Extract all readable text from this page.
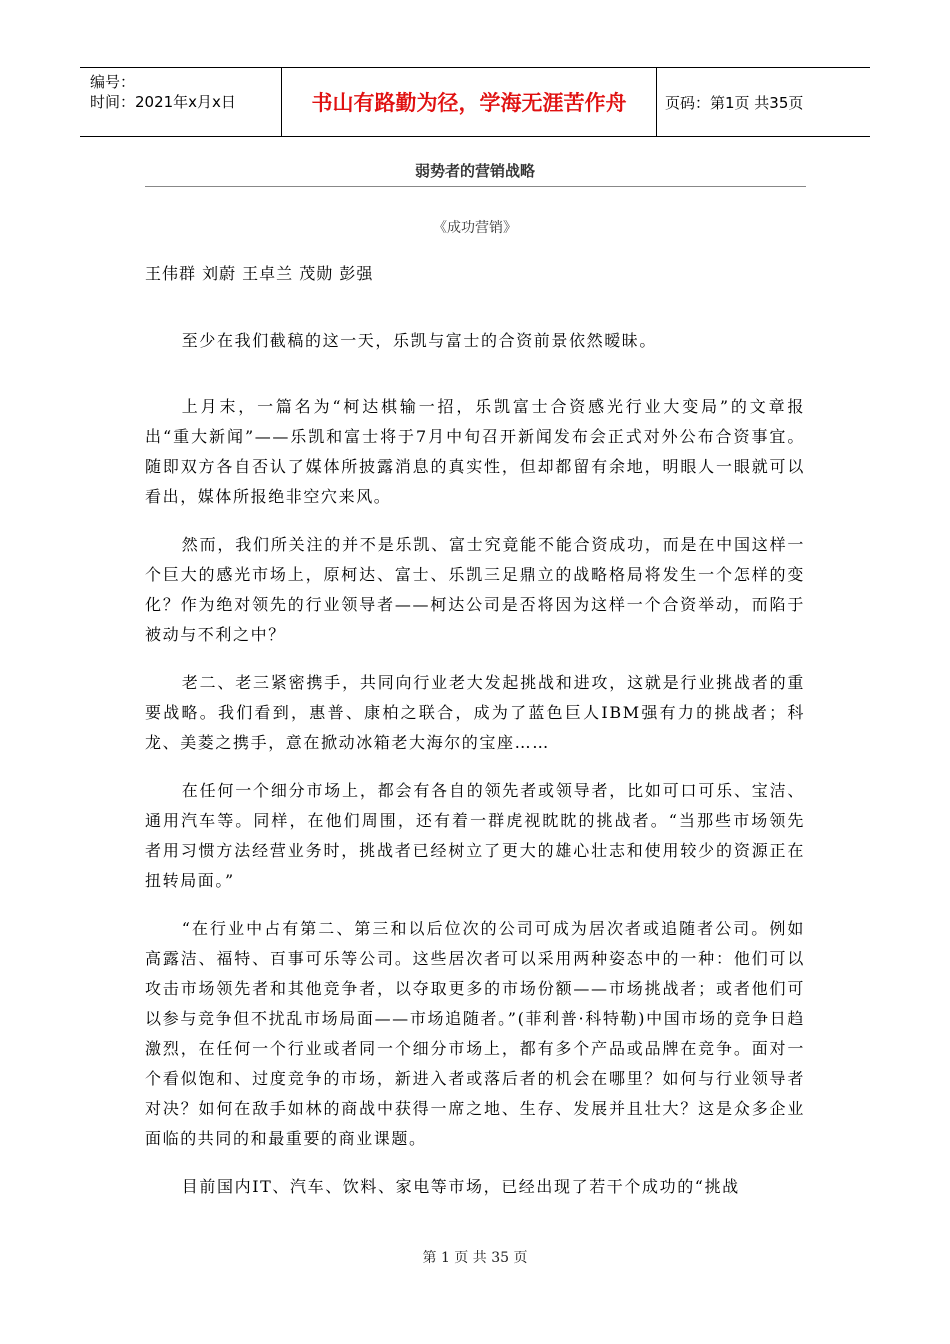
编号：
时间：2021年x月x日	书山有路勤为径，学海无涯苦作舟	页码：第1页 共35页
弱势者的营销战略
《成功营销》
王伟群 刘蔚 王卓兰 茂勋 彭强

至少在我们截稿的这一天，乐凯与富士的合资前景依然暧昧。

上月末，一篇名为“柯达棋输一招，乐凯富士合资感光行业大变局”的文章报出“重大新闻”——乐凯和富士将于7月中旬召开新闻发布会正式对外公布合资事宜。随即双方各自否认了媒体所披露消息的真实性，但却都留有余地，明眼人一眼就可以看出，媒体所报绝非空穴来风。

然而，我们所关注的并不是乐凯、富士究竟能不能合资成功，而是在中国这样一个巨大的感光市场上，原柯达、富士、乐凯三足鼎立的战略格局将发生一个怎样的变化？作为绝对领先的行业领导者——柯达公司是否将因为这样一个合资举动，而陷于被动与不利之中？

老二、老三紧密携手，共同向行业老大发起挑战和进攻，这就是行业挑战者的重要战略。我们看到，惠普、康柏之联合，成为了蓝色巨人IBM强有力的挑战者；科龙、美菱之携手，意在掀动冰箱老大海尔的宝座……

在任何一个细分市场上，都会有各自的领先者或领导者，比如可口可乐、宝洁、通用汽车等。同样，在他们周围，还有着一群虎视眈眈的挑战者。“当那些市场领先者用习惯方法经营业务时，挑战者已经树立了更大的雄心壮志和使用较少的资源正在扭转局面。”

“在行业中占有第二、第三和以后位次的公司可成为居次者或追随者公司。例如高露洁、福特、百事可乐等公司。这些居次者可以采用两种姿态中的一种：他们可以攻击市场领先者和其他竞争者，以夺取更多的市场份额——市场挑战者；或者他们可以参与竞争但不扰乱市场局面——市场追随者。”(菲利普·科特勒)中国市场的竞争日趋激烈，在任何一个行业或者同一个细分市场上，都有多个产品或品牌在竞争。面对一个看似饱和、过度竞争的市场，新进入者或落后者的机会在哪里？如何与行业领导者对决？如何在敌手如林的商战中获得一席之地、生存、发展并且壮大？这是众多企业面临的共同的和最重要的商业课题。

目前国内IT、汽车、饮料、家电等市场，已经出现了若干个成功的“挑战

第 1 页 共 35 页
